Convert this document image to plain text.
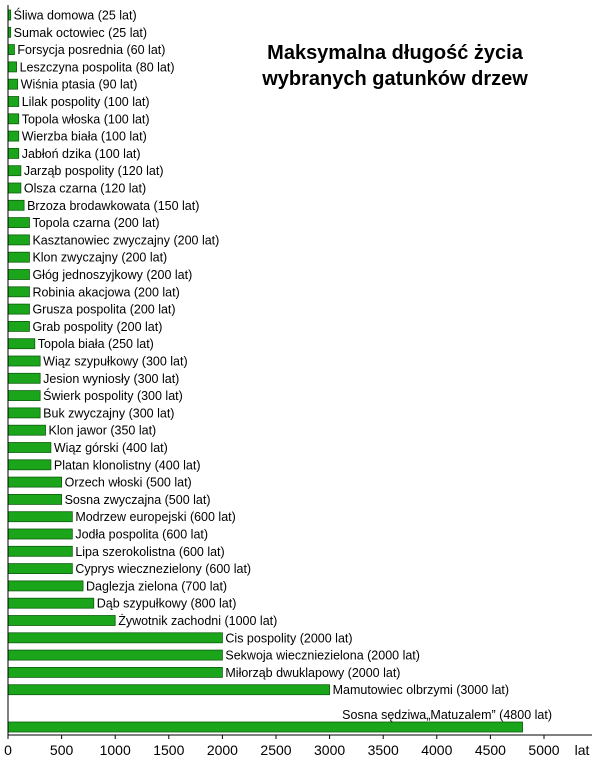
Maksymalna długość życia
wybranych gatunków drzew
Śliwa domowa (25 lat)
Sumak octowiec (25 lat)
Forsycja posrednia (60 lat)
Leszczyna pospolita (80 lat)
Wiśnia ptasia (90 lat)
Lilak pospolity (100 lat)
Topola włoska (100 lat)
Wierzba biała (100 lat)
Jabłoń dzika (100 lat)
Jarząb pospolity (120 lat)
Olsza czarna (120 lat)
Brzoza brodawkowata (150 lat)
Topola czarna (200 lat)
Kasztanowiec zwyczajny (200 lat)
Klon zwyczajny (200 lat)
Głóg jednoszyjkowy (200 lat)
Robinia akacjowa (200 lat)
Grusza pospolita (200 lat)
Grab pospolity (200 lat)
Topola biała (250 lat)
Wiąz szypułkowy (300 lat)
Jesion wyniosły (300 lat)
Świerk pospolity (300 lat)
Buk zwyczajny (300 lat)
Klon jawor (350 lat)
Wiąz górski (400 lat)
Platan klonolistny (400 lat)
Orzech włoski (500 lat)
Sosna zwyczajna (500 lat)
Modrzew europejski (600 lat)
Jodła pospolita (600 lat)
Lipa szerokolistna (600 lat)
Cyprys wiecznezielony (600 lat)
Daglezja zielona (700 lat)
Dąb szypułkowy (800 lat)
Żywotnik zachodni (1000 lat)
Cis pospolity (2000 lat)
Sekwoja wieczniezielona (2000 lat)
Miłorząb dwuklapowy (2000 lat)
Mamutowiec olbrzymi (3000 lat)
Sosna sędziwa„Matuzalem” (4800 lat)
0	500 1000 1500 2000 2500 3000 3500 4000 4500 5000 lat
